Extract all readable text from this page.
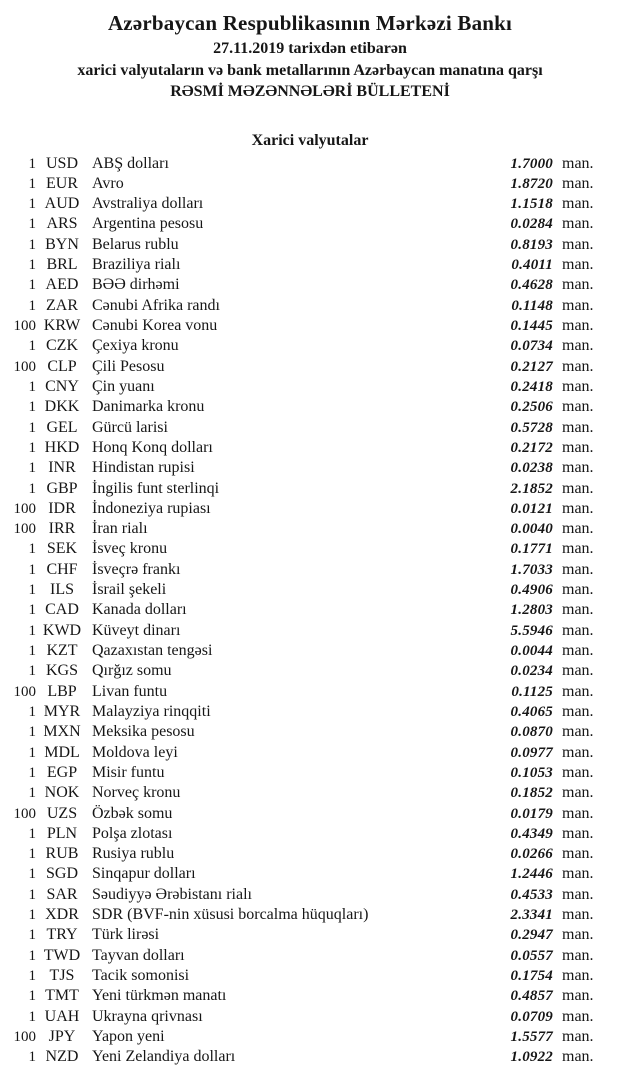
Azərbaycan Respublikasının Mərkəzi Bankı
27.11.2019 tarixdən etibarən
xarici valyutaların və bank metallarının Azərbaycan manatına qarşı
RƏSMİ MƏZƏNNƏLƏRİ BÜLLETENİ
Xarici valyutalar
1 USD ABŞ dolları	1.7000 man.
1 EUR Avro	1.8720 man.
1 AUD Avstraliya dolları	1.1518 man.
1 ARS Argentina pesosu	0.0284 man.
1 BYN Belarus rublu	0.8193 man.
1 BRL Braziliya rialı	0.4011 man.
1 AED BƏƏ dirhəmi	0.4628 man.
1 ZAR Cənubi Afrika randı	0.1148 man.
100 KRW Cənubi Korea vonu	0.1445 man.
1 CZK Çexiya kronu	0.0734 man.
100 CLP Çili Pesosu	0.2127 man.
1 CNY Çin yuanı	0.2418 man.
1 DKK Danimarka kronu	0.2506 man.
1 GEL Gürcü larisi	0.5728 man.
1 HKD Honq Konq dolları	0.2172 man.
1 INR	Hindistan rupisi	0.0238 man.
1 GBP İngilis funt sterlinqi	2.1852 man.
100 IDR	İndoneziya rupiası	0.0121 man.
100 IRR	İran rialı	0.0040 man.
1 SEK İsveç kronu	0.1771 man.
1 CHF İsveçrə frankı	1.7033 man.
1 ILS	İsrail şekeli	0.4906 man.
1 CAD Kanada dolları	1.2803 man.
1 KWD Küveyt dinarı	5.5946 man.
1 KZT Qazaxıstan tengəsi	0.0044 man.
1 KGS Qırğız somu	0.0234 man.
100 LBP Livan funtu	0.1125 man.
1 MYR Malayziya rinqqiti	0.4065 man.
1 MXN Meksika pesosu	0.0870 man.
1 MDL Moldova leyi	0.0977 man.
1 EGP Misir funtu	0.1053 man.
1 NOK Norveç kronu	0.1852 man.
100 UZS Özbək somu	0.0179 man.
1 PLN Polşa zlotası	0.4349 man.
1 RUB Rusiya rublu	0.0266 man.
1 SGD Sinqapur dolları	1.2446 man.
1 SAR Səudiyyə Ərəbistanı rialı	0.4533 man.
1 XDR SDR (BVF-nin xüsusi borcalma hüquqları)	2.3341 man.
1 TRY Türk lirəsi	0.2947 man.
1 TWD Tayvan dolları	0.0557 man.
1 TJS	Tacik somonisi	0.1754 man.
1 TMT Yeni türkmən manatı	0.4857 man.
1 UAH Ukrayna qrivnası	0.0709 man.
100 JPY	Yapon yeni	1.5577 man.
1 NZD Yeni Zelandiya dolları	1.0922 man.
